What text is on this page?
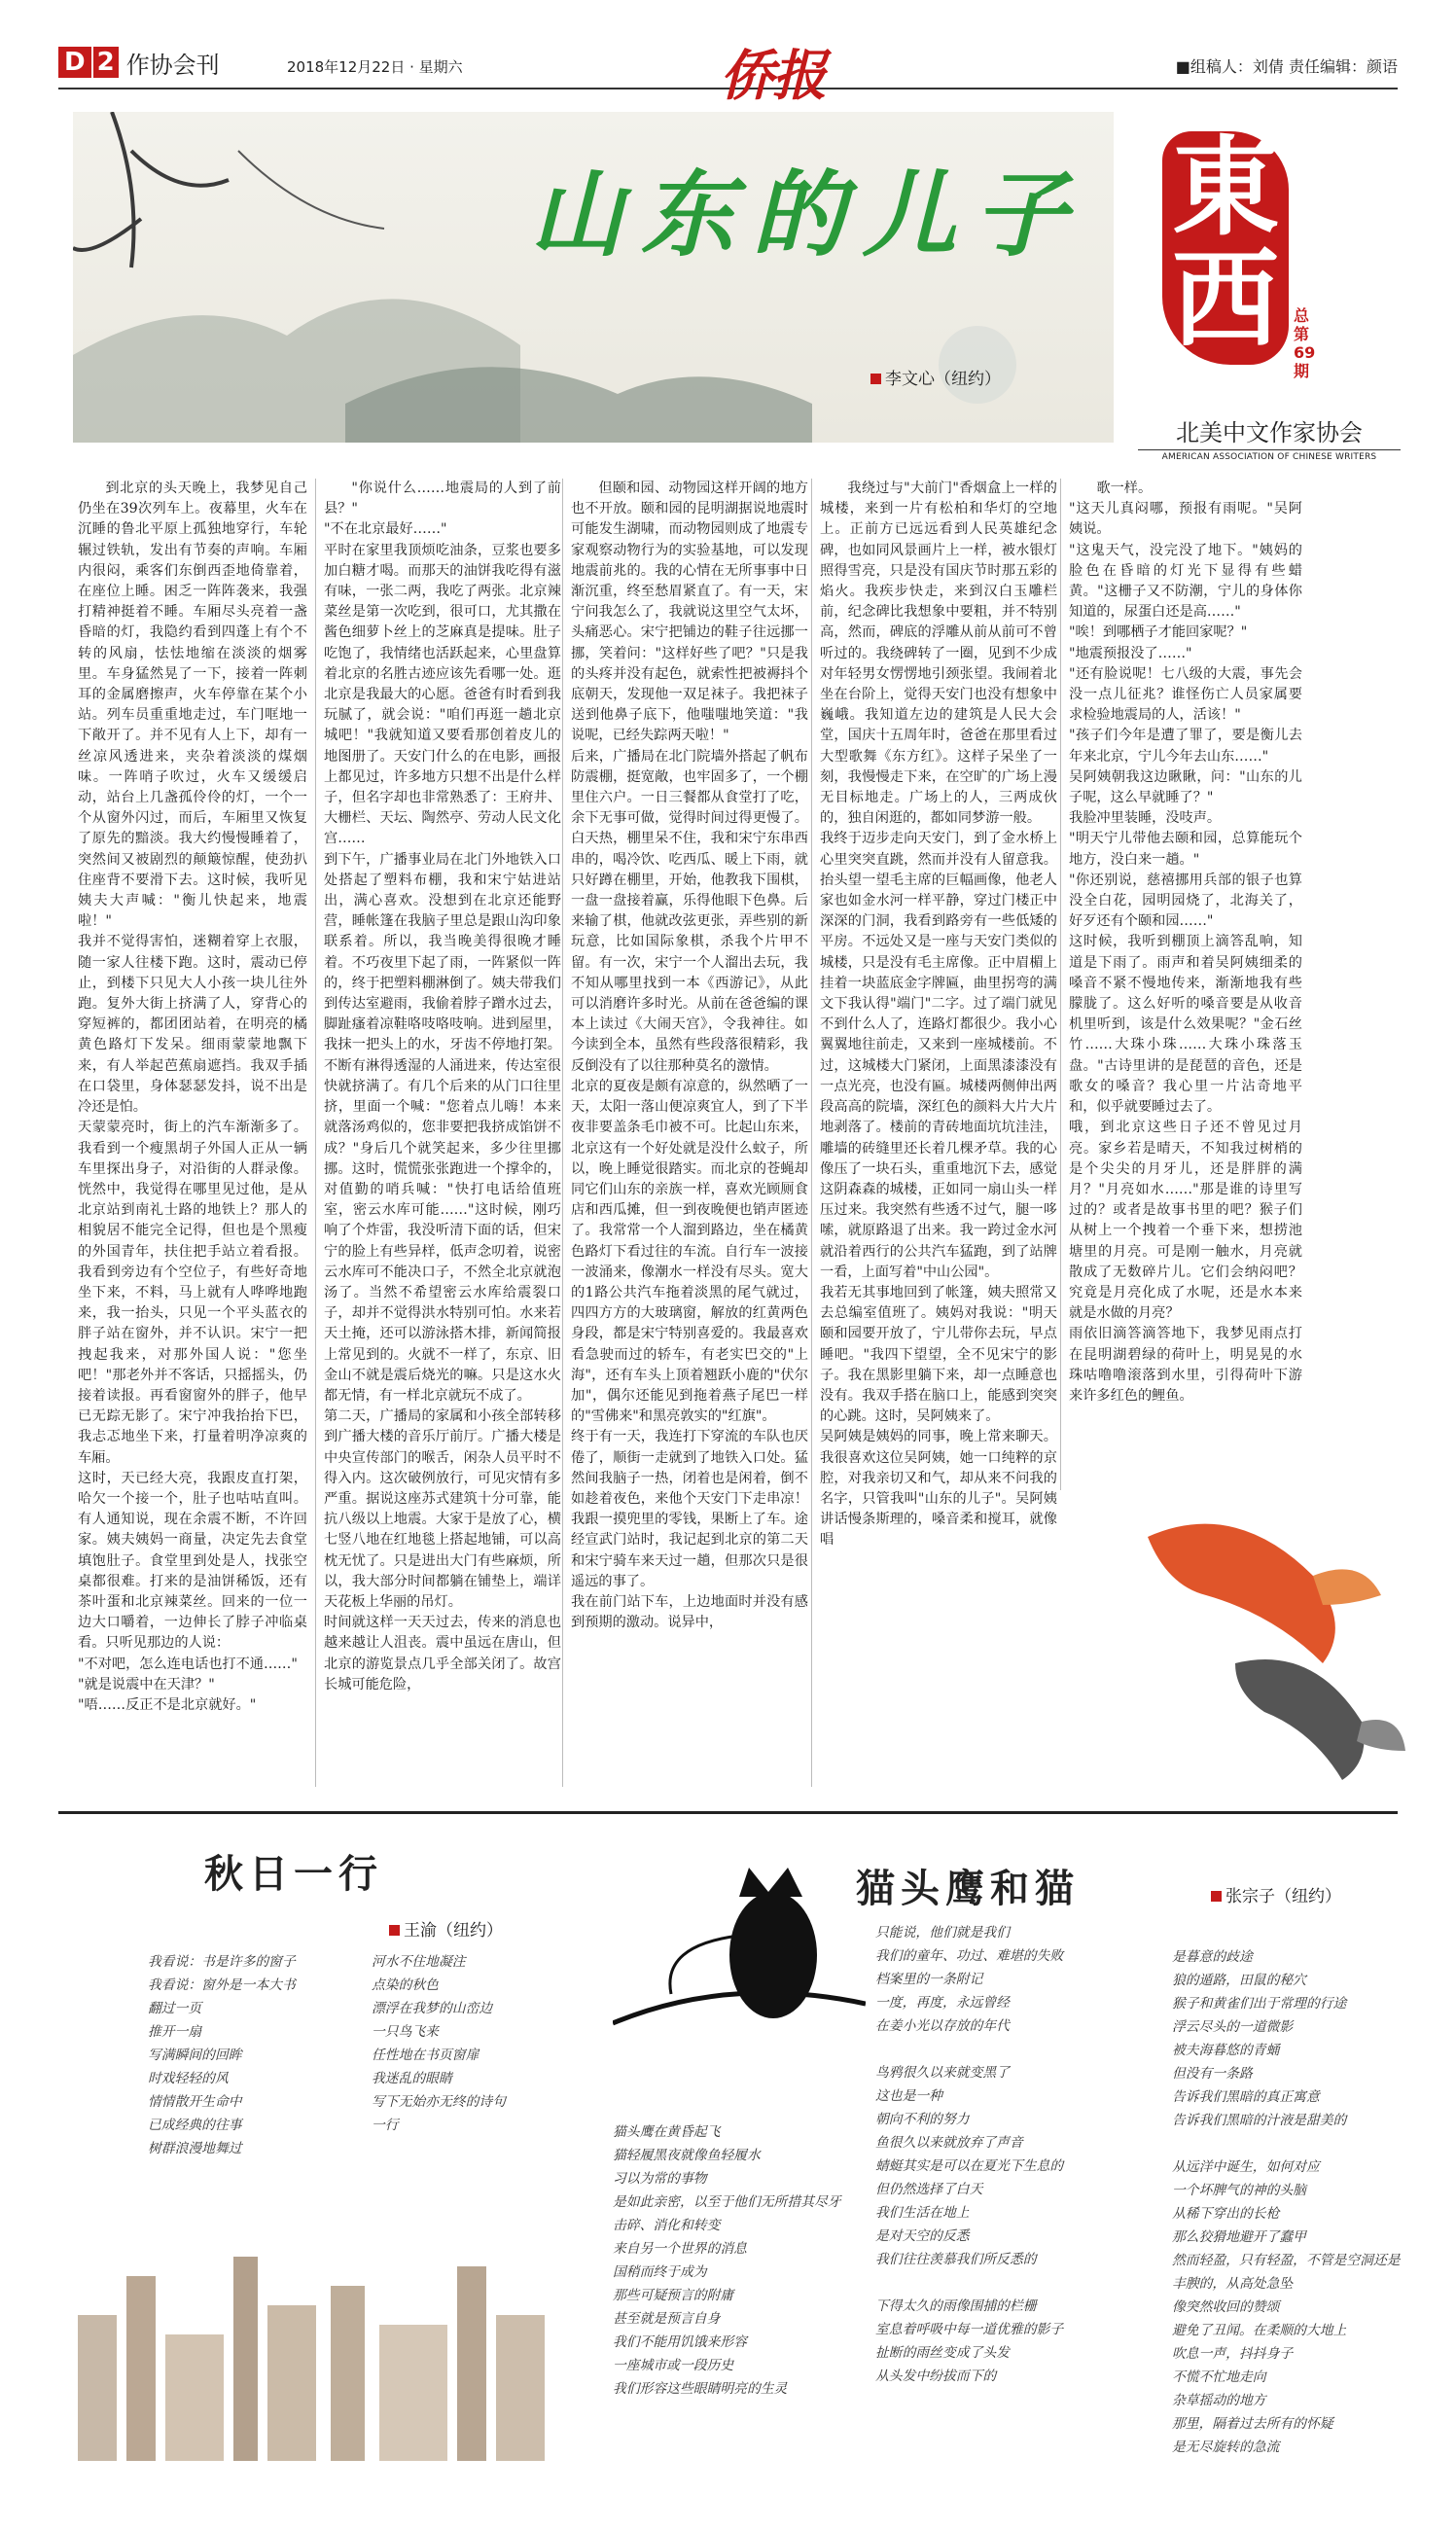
D 2 作协会刊	2018年12月22日 · 星期六	侨报	■组稿人：刘倩 责任编辑：颜语
山东的儿子
李文心（纽约）
東西 总第69期
北美中文作家协会
AMERICAN ASSOCIATION OF CHINESE WRITERS
到北京的头天晚上，我梦见自己仍坐在39次列车上。夜幕里，火车在沉睡的鲁北平原上孤独地穿行，车轮辗过铁轨，发出有节奏的声响。车厢内很闷，乘客们东倒西歪地倚靠着，在座位上睡。困乏一阵阵袭来，我强打精神挺着不睡。车厢尽头亮着一盏昏暗的灯，我隐约看到四蓬上有个不转的风扇，怯怯地缩在淡淡的烟雾里。车身猛然晃了一下，接着一阵刺耳的金属磨擦声，火车停靠在某个小站。列车员重重地走过，车门哐地一下敞开了。并不见有人上下，却有一丝凉风透进来，夹杂着淡淡的煤烟味。一阵哨子吹过，火车又缓缓启动，站台上几盏孤伶伶的灯，一个一个从窗外闪过，而后，车厢里又恢复了原先的黯淡。我大约慢慢睡着了，突然间又被剧烈的颠簸惊醒，使劲扒住座背不要滑下去。这时候，我听见姨夫大声喊："衡儿快起来，地震啦！"
我并不觉得害怕，迷糊着穿上衣服，随一家人往楼下跑。这时，震动已停止，到楼下只见大人小孩一块儿往外跑。复外大街上挤满了人，穿背心的穿短裤的，都团团站着，在明亮的橘黄色路灯下发呆。细雨蒙蒙地飘下来，有人举起芭蕉扇遮挡。我双手插在口袋里，身体瑟瑟发抖，说不出是冷还是怕。
天蒙蒙亮时，街上的汽车渐渐多了。我看到一个瘦黑胡子外国人正从一辆车里探出身子，对沿街的人群录像。恍然中，我觉得在哪里见过他，是从北京站到南礼士路的地铁上？那人的相貌居不能完全记得，但也是个黑瘦的外国青年，扶住把手站立着看报。我看到旁边有个空位子，有些好奇地坐下来，不料，马上就有人哗哗地跑来，我一抬头，只见一个平头蓝衣的胖子站在窗外，并不认识。宋宁一把拽起我来，对那外国人说："您坐吧！"那老外并不客话，只摇摇头，仍接着读报。再看窗窗外的胖子，他早已无踪无影了。宋宁冲我抬抬下巴，我忐忑地坐下来，打量着明净凉爽的车厢。
这时，天已经大亮，我跟皮直打架，哈欠一个接一个，肚子也咕咕直叫。有人通知说，现在余震不断，不许回家。姨夫姨妈一商量，决定先去食堂填饱肚子。食堂里到处是人，找张空桌都很难。打来的是油饼稀饭，还有茶叶蛋和北京辣菜丝。回来的一位一边大口嚼着，一边伸长了脖子冲临桌看。只听见那边的人说：
"不对吧，怎么连电话也打不通……"
"就是说震中在天津？"
"唔……反正不是北京就好。"
"你说什么……地震局的人到了前县？"
"不在北京最好……"
平时在家里我顶烦吃油条，豆浆也要多加白糖才喝。而那天的油饼我吃得有滋有味，一张二两，我吃了两张。北京辣菜丝是第一次吃到，很可口，尤其撒在酱色细萝卜丝上的芝麻真是提味。肚子吃饱了，我情绪也活跃起来，心里盘算着北京的名胜古迹应该先看哪一处。逛北京是我最大的心愿。爸爸有时看到我玩腻了，就会说："咱们再逛一趟北京城吧！"我就知道又要看那创着皮儿的地图册了。天安门什么的在电影，画报上都见过，许多地方只想不出是什么样子，但名字却也非常熟悉了：王府井、大栅栏、天坛、陶然亭、劳动人民文化宫……
到下午，广播事业局在北门外地铁入口处搭起了塑料布棚，我和宋宁姑进站出，满心喜欢。没想到在北京还能野营，睡帐篷在我脑子里总是跟山沟印象联系着。所以，我当晚美得很晚才睡着。不巧夜里下起了雨，一阵紧似一阵的，终于把塑料棚淋倒了。姨夫带我们到传达室避雨，我偷着脖子蹭水过去，脚趾瘙着凉鞋咯吱咯吱响。进到屋里，我抹一把头上的水，牙齿不停地打架。不断有淋得透湿的人涌进来，传达室很快就挤满了。有几个后来的从门口往里挤，里面一个喊："您着点儿嗨！本来就落汤鸡似的，您非要把我挤成馅饼不成？"身后几个就笑起来，多少往里挪挪。这时，慌慌张张跑进一个撑伞的，对值勤的哨兵喊："快打电话给值班室，密云水库可能……"这时候，刚巧响了个炸雷，我没听清下面的话，但宋宁的脸上有些异样，低声念叨着，说密云水库可不能决口子，不然全北京就泡汤了。当然不希望密云水库给震裂口子，却并不觉得洪水特别可怕。水来若天土掩，还可以游泳搭木排，新闻简报上常见到的。火就不一样了，东京、旧金山不就是震后烧光的嘛。只是这水火都无情，有一样北京就玩不成了。
第二天，广播局的家属和小孩全部转移到广播大楼的音乐厅前厅。广播大楼是中央宣传部门的喉舌，闲杂人员平时不得入内。这次破例放行，可见灾情有多严重。据说这座苏式建筑十分可靠，能抗八级以上地震。大家于是放了心，横七竖八地在红地毯上搭起地铺，可以高枕无忧了。只是进出大门有些麻烦，所以，我大部分时间都躺在铺垫上，端详天花板上华丽的吊灯。
时间就这样一天天过去，传来的消息也越来越让人沮丧。震中虽远在唐山，但北京的游览景点几乎全部关闭了。故宫长城可能危险，
但颐和园、动物园这样开阔的地方也不开放。颐和园的昆明湖据说地震时可能发生湖啸，而动物园则成了地震专家观察动物行为的实验基地，可以发现地震前兆的。我的心情在无所事事中日渐沉重，终至愁眉紧直了。有一天，宋宁问我怎么了，我就说这里空气太坏，头痛恶心。宋宁把铺边的鞋子往远挪一挪，笑着问："这样好些了吧？"只是我的头疼并没有起色，就索性把被褥抖个底朝天，发现他一双足袜子。我把袜子送到他鼻子底下，他嗤嗤地笑道："我说呢，已经失踪两天啦！"
后来，广播局在北门院墙外搭起了帆布防震棚，挺宽敞，也牢固多了，一个棚里住六户。一日三餐都从食堂打了吃，余下无事可做，觉得时间过得更慢了。白天热，棚里呆不住，我和宋宁东串西串的，喝冷饮、吃西瓜、暖上下雨，就只好蹲在棚里，开始，他教我下围棋，一盘一盘接着赢，乐得他眼下色鼻。后来输了棋，他就改弦更张，弄些别的新玩意，比如国际象棋，杀我个片甲不留。有一次，宋宁一个人溜出去玩，我不知从哪里找到一本《西游记》，从此可以消磨许多时光。从前在爸爸编的课本上读过《大闹天宫》，令我神往。如今读到全本，虽然有些段落很精彩，我反倒没有了以往那种莫名的激情。
北京的夏夜是颇有凉意的，纵然晒了一天，太阳一落山便凉爽宜人，到了下半夜非要盖条毛巾被不可。比起山东来，北京这有一个好处就是没什么蚊子，所以，晚上睡觉很踏实。而北京的苍蝇却同它们山东的亲族一样，喜欢光顾厕食店和西瓜摊，但一到夜晚便也销声匿迹了。我常常一个人溜到路边，坐在橘黄色路灯下看过往的车流。自行车一波接一波涌来，像潮水一样没有尽头。宽大的1路公共汽车拖着淡黑的尾气就过，四四方方的大玻璃窗，解放的红黄两色身段，都是宋宁特别喜爱的。我最喜欢看急驶而过的轿车，有老实巴交的"上海"，还有车头上顶着翘跃小鹿的"伏尔加"，偶尔还能见到拖着燕子尾巴一样的"雪佛来"和黑亮敦实的"红旗"。
终于有一天，我连打下穿流的车队也厌倦了，顺街一走就到了地铁入口处。猛然间我脑子一热，闭着也是闲着，倒不如趁着夜色，来他个天安门下走串凉！我跟一摸兜里的零钱，果断上了车。途经宣武门站时，我记起到北京的第二天和宋宁骑车来天过一趟，但那次只是很遥远的事了。
我在前门站下车，上边地面时并没有感到预期的激动。说异中，
我绕过与"大前门"香烟盒上一样的城楼，来到一片有松柏和华灯的空地上。正前方已远远看到人民英雄纪念碑，也如同风景画片上一样，被水银灯照得雪亮，只是没有国庆节时那五彩的焰火。我疾步快走，来到汉白玉雕栏前，纪念碑比我想象中要粗，并不特别高，然而，碑底的浮雕从前从前可不曾听过的。我绕碑转了一圈，见到不少成对年轻男女愣愣地引颈张望。我闹着北坐在台阶上，觉得天安门也没有想象中巍峨。我知道左边的建筑是人民大会堂，国庆十五周年时，爸爸在那里看过大型歌舞《东方红》。这样子呆坐了一刻，我慢慢走下来，在空旷的广场上漫无目标地走。广场上的人，三两成伙的，独自闲逛的，都如同梦游一般。
我终于迈步走向天安门，到了金水桥上心里突突直跳，然而并没有人留意我。抬头望一望毛主席的巨幅画像，他老人家也如金水河一样平静，穿过门楼正中深深的门洞，我看到路旁有一些低矮的平房。不远处又是一座与天安门类似的城楼，只是没有毛主席像。正中眉楣上挂着一块蓝底金字牌匾，曲里拐弯的满文下我认得"端门"二字。过了端门就见不到什么人了，连路灯都很少。我小心翼翼地往前走，又来到一座城楼前。不过，这城楼大门紧闭，上面黑漆漆没有一点光亮，也没有匾。城楼两侧伸出两段高高的院墙，深红色的颜料大片大片地剥落了。楼前的青砖地面坑坑洼洼，雕墙的砖缝里还长着几棵矛草。我的心像压了一块石头，重重地沉下去，感觉这阴森森的城楼，正如同一扇山头一样压过来。我突然有些透不过气，腿一哆嗦，就原路退了出来。我一跨过金水河就沿着西行的公共汽车猛跑，到了站牌一看，上面写着"中山公园"。
我若无其事地回到了帐篷，姨夫照常又去总编室值班了。姨妈对我说："明天颐和园要开放了，宁儿带你去玩，早点睡吧。"我四下望望，全不见宋宁的影子。我在黑影里躺下来，却一点睡意也没有。我双手搭在脑口上，能感到突突的心跳。这时，吴阿姨来了。
吴阿姨是姨妈的同事，晚上常来聊天。我很喜欢这位吴阿姨，她一口纯粹的京腔，对我亲切又和气，却从来不问我的名字，只管我叫"山东的儿子"。吴阿姨讲话慢条斯理的，嗓音柔和搅耳，就像唱
歌一样。
"这天儿真闷哪，预报有雨呢。"吴阿姨说。
"这鬼天气，没完没了地下。"姨妈的脸色在昏暗的灯光下显得有些蜡黄。"这栅子又不防潮，宁儿的身体你知道的，尿蛋白还是高……"
"唉！到哪栖子才能回家呢？"
"地震预报没了……"
"还有脸说呢！七八级的大震，事先会没一点儿征兆？谁怪伤亡人员家属要求检验地震局的人，活该！"
"孩子们今年是遭了罪了，要是衡儿去年来北京，宁儿今年去山东……"
吴阿姨朝我这边瞅瞅，问："山东的儿子呢，这么早就睡了？"
我脸冲里装睡，没吱声。
"明天宁儿带他去颐和园，总算能玩个地方，没白来一趟。"
"你还别说，慈禧挪用兵部的银子也算没全白花，园明园烧了，北海关了，好歹还有个颐和园……"
这时候，我听到棚顶上滴答乱响，知道是下雨了。雨声和着吴阿姨细柔的嗓音不紧不慢地传来，渐渐地我有些朦胧了。这么好听的嗓音要是从收音机里听到，该是什么效果呢？"金石丝竹……大珠小珠……大珠小珠落玉盘。"古诗里讲的是琵琶的音色，还是歌女的嗓音？我心里一片沾奇地平和，似乎就要睡过去了。
哦，到北京这些日子还不曾见过月亮。家乡若是晴天，不知我过树梢的是个尖尖的月牙儿，还是胖胖的满月？"月亮如水……"那是谁的诗里写过的？或者是故事书里的吧？猴子们从树上一个拽着一个垂下来，想捞池塘里的月亮。可是刚一触水，月亮就散成了无数碎片儿。它们会纳闷吧？究竟是月亮化成了水呢，还是水本来就是水做的月亮？
雨依旧滴答滴答地下，我梦见雨点打在昆明湖碧绿的荷叶上，明晃晃的水珠咕噜噜滚落到水里，引得荷叶下游来许多红色的鲤鱼。
秋日一行
王渝（纽约）
我看说：书是许多的窗子
我看说：窗外是一本大书
翻过一页
推开一扇
写满瞬间的回眸
时戏轻轻的风
情情散开生命中
已成经典的往事
树群浪漫地舞过
河水不住地凝注
点染的秋色
漂浮在我梦的山峦边
一只鸟飞来
任性地在书页窗扉
我迷乱的眼睛
写下无始亦无终的诗句
一行
猫头鹰和猫	张宗子（纽约）
猫头鹰在黄昏起飞
猫轻履黑夜就像鱼轻履水
习以为常的事物
是如此亲密，以至于他们无所措其尽牙
击碎、消化和转变
来自另一个世界的消息
国稍而终于成为
那些可疑预言的附庸
甚至就是预言自身
我们不能用饥饿来形容
一座城市或一段历史
我们形容这些眼睛明亮的生灵
只能说，他们就是我们
我们的童年、功过、难堪的失败
档案里的一条附记
一度，再度，永远曾经
在姜小光以存放的年代

鸟鸦很久以来就变黑了
这也是一种
朝向不利的努力
鱼很久以来就放弃了声音
蜻蜓其实是可以在夏光下生息的
但仍然选择了白天
我们生活在地上
是对天空的反悉
我们往往羡慕我们所反悉的

下得太久的雨像围捕的栏栅
室息着呼吸中每一道优雅的影子
扯断的雨丝变成了头发
从头发中纷拔而下的
是暮意的歧途
狼的遁路，田鼠的秘穴
猴子和黄雀们出于常理的行途
浮云尽头的一道微影
被夫海暮悠的青蛹
但没有一条路
告诉我们黑暗的真正寓意
告诉我们黑暗的汁液是甜美的

从远洋中诞生，如何对应
一个坏脾气的神的头脑
从稀下穿出的长枪
那么狡猾地避开了蠢甲
然而轻盈，只有轻盈，不管是空洞还是丰腴的，从高处急坠
像突然收回的赞颂
避免了丑闻。在柔顺的大地上
吹息一声，抖抖身子
不慌不忙地走向
杂草摇动的地方
那里，隔着过去所有的怀疑
是无尽旋转的急流
